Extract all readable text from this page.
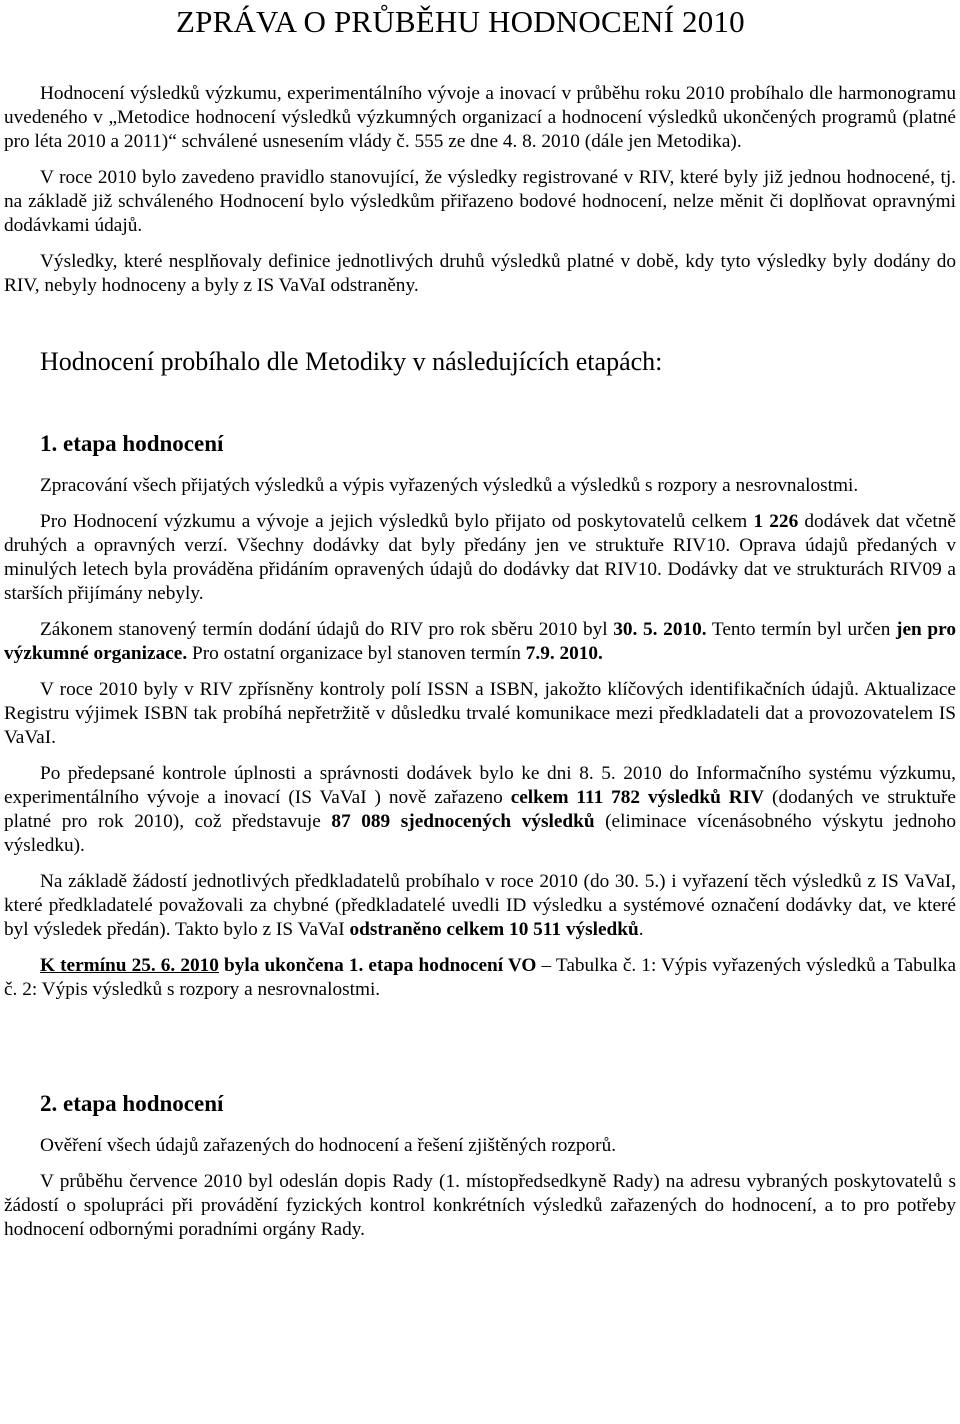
ZPRÁVA O PRŮBĚHU HODNOCENÍ 2010

Hodnocení výsledků výzkumu, experimentálního vývoje a inovací v průběhu roku 2010 probíhalo dle harmonogramu uvedeného v „Metodice hodnocení výsledků výzkumných organizací a hodnocení výsledků ukončených programů (platné pro léta 2010 a 2011)“ schválené usnesením vlády č. 555 ze dne 4. 8. 2010 (dále jen Metodika).

V roce 2010 bylo zavedeno pravidlo stanovující, že výsledky registrované v RIV, které byly již jednou hodnocené, tj. na základě již schváleného Hodnocení bylo výsledkům přiřazeno bodové hodnocení, nelze měnit či doplňovat opravnými dodávkami údajů.

Výsledky, které nesplňovaly definice jednotlivých druhů výsledků platné v době, kdy tyto výsledky byly dodány do RIV, nebyly hodnoceny a byly z IS VaVaI odstraněny.

Hodnocení probíhalo dle Metodiky v následujících etapách:
1. etapa hodnocení

Zpracování všech přijatých výsledků a výpis vyřazených výsledků a výsledků s rozpory a nesrovnalostmi.

Pro Hodnocení výzkumu a vývoje a jejich výsledků bylo přijato od poskytovatelů celkem 1 226 dodávek dat včetně druhých a opravných verzí. Všechny dodávky dat byly předány jen ve struktuře RIV10. Oprava údajů předaných v minulých letech byla prováděna přidáním opravených údajů do dodávky dat RIV10. Dodávky dat ve strukturách RIV09 a starších přijímány nebyly.

Zákonem stanovený termín dodání údajů do RIV pro rok sběru 2010 byl 30. 5. 2010. Tento termín byl určen jen pro výzkumné organizace. Pro ostatní organizace byl stanoven termín 7.9. 2010.

V roce 2010 byly v RIV zpřísněny kontroly polí ISSN a ISBN, jakožto klíčových identifikačních údajů. Aktualizace Registru výjimek ISBN tak probíhá nepřetržitě v důsledku trvalé komunikace mezi předkladateli dat a provozovatelem IS VaVaI.

Po předepsané kontrole úplnosti a správnosti dodávek bylo ke dni 8. 5. 2010 do Informačního systému výzkumu, experimentálního vývoje a inovací (IS VaVaI ) nově zařazeno celkem 111 782 výsledků RIV (dodaných ve struktuře platné pro rok 2010), což představuje 87 089 sjednocených výsledků (eliminace vícenásobného výskytu jednoho výsledku).

Na základě žádostí jednotlivých předkladatelů probíhalo v roce 2010 (do 30. 5.) i vyřazení těch výsledků z IS VaVaI, které předkladatelé považovali za chybné (předkladatelé uvedli ID výsledku a systémové označení dodávky dat, ve které byl výsledek předán). Takto bylo z IS VaVaI odstraněno celkem 10 511 výsledků.

K termínu 25. 6. 2010 byla ukončena 1. etapa hodnocení VO – Tabulka č. 1: Výpis vyřazených výsledků a Tabulka č. 2: Výpis výsledků s rozpory a nesrovnalostmi.

2. etapa hodnocení

Ověření všech údajů zařazených do hodnocení a řešení zjištěných rozporů.

V průběhu července 2010 byl odeslán dopis Rady (1. místopředsedkyně Rady) na adresu vybraných poskytovatelů s žádostí o spolupráci při provádění fyzických kontrol konkrétních výsledků zařazených do hodnocení, a to pro potřeby hodnocení odbornými poradními orgány Rady.
